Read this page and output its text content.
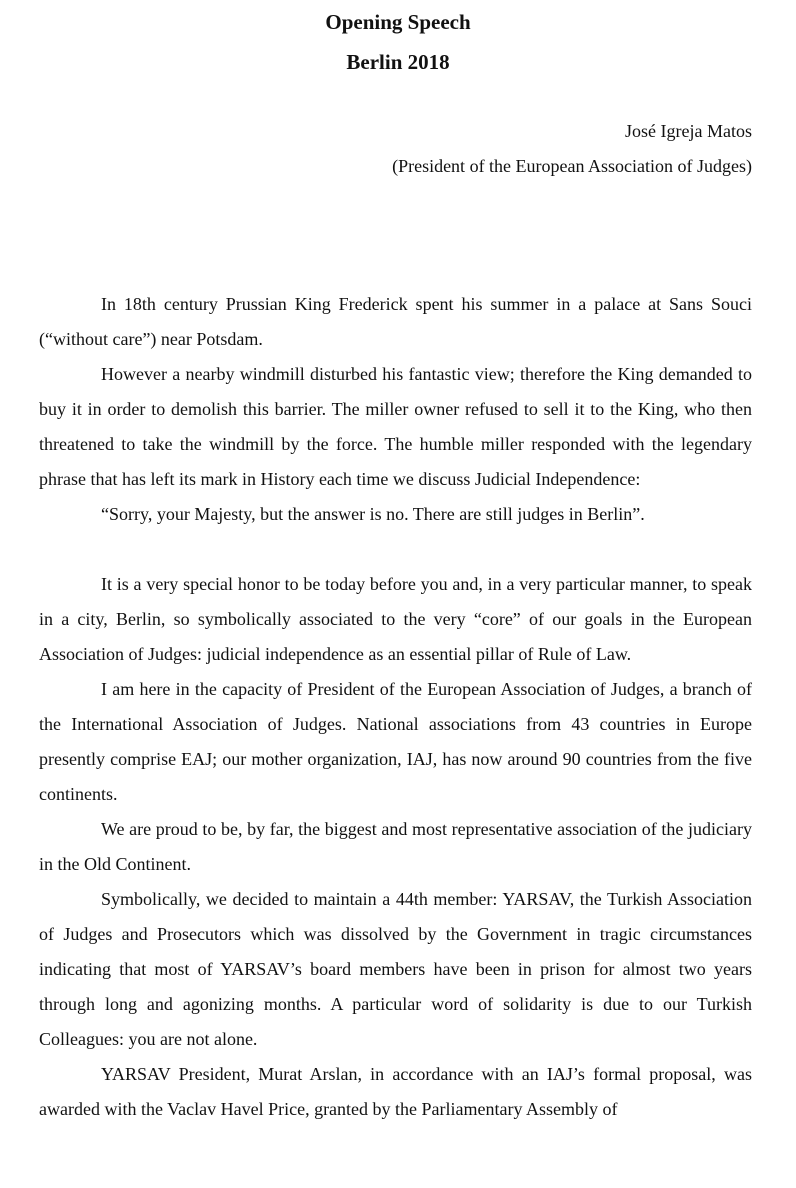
Opening Speech
Berlin 2018
José Igreja Matos
(President of the European Association of Judges)

In 18th century Prussian King Frederick spent his summer in a palace at Sans Souci (“without care”) near Potsdam.

However a nearby windmill disturbed his fantastic view; therefore the King demanded to buy it in order to demolish this barrier. The miller owner refused to sell it to the King, who then threatened to take the windmill by the force. The humble miller responded with the legendary phrase that has left its mark in History each time we discuss Judicial Independence:

“Sorry, your Majesty, but the answer is no. There are still judges in Berlin”.

It is a very special honor to be today before you and, in a very particular manner, to speak in a city, Berlin, so symbolically associated to the very “core” of our goals in the European Association of Judges: judicial independence as an essential pillar of Rule of Law.

I am here in the capacity of President of the European Association of Judges, a branch of the International Association of Judges. National associations from 43 countries in Europe presently comprise EAJ; our mother organization, IAJ, has now around 90 countries from the five continents.

We are proud to be, by far, the biggest and most representative association of the judiciary in the Old Continent.

Symbolically, we decided to maintain a 44th member: YARSAV, the Turkish Association of Judges and Prosecutors which was dissolved by the Government in tragic circumstances indicating that most of YARSAV’s board members have been in prison for almost two years through long and agonizing months. A particular word of solidarity is due to our Turkish Colleagues: you are not alone.

YARSAV President, Murat Arslan, in accordance with an IAJ’s formal proposal, was awarded with the Vaclav Havel Price, granted by the Parliamentary Assembly of
